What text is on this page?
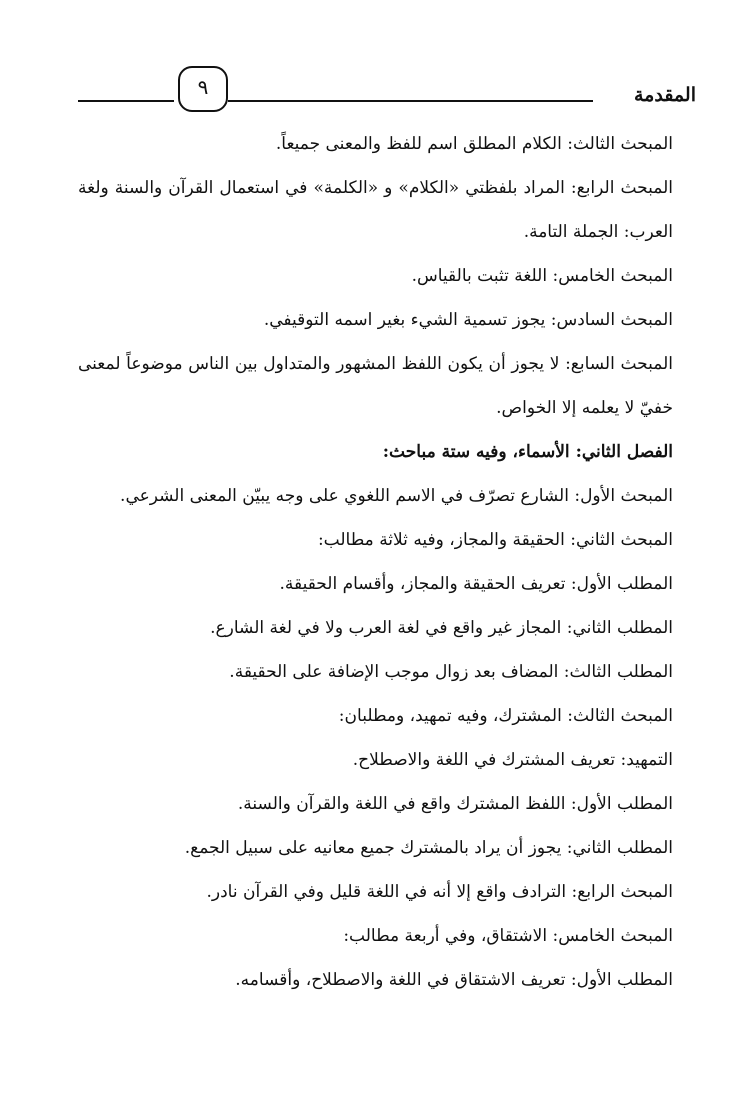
٩	المقدمة

المبحث الثالث: الكلام المطلق اسم للفظ والمعنى جميعاً.

المبحث الرابع: المراد بلفظتي «الكلام» و «الكلمة» في استعمال القرآن والسنة ولغة العرب: الجملة التامة.

المبحث الخامس: اللغة تثبت بالقياس.

المبحث السادس: يجوز تسمية الشيء بغير اسمه التوقيفي.

المبحث السابع: لا يجوز أن يكون اللفظ المشهور والمتداول بين الناس موضوعاً لمعنى خفيّ لا يعلمه إلا الخواص.

الفصل الثاني: الأسماء، وفيه ستة مباحث:

المبحث الأول: الشارع تصرّف في الاسم اللغوي على وجه يبيّن المعنى الشرعي.

المبحث الثاني: الحقيقة والمجاز، وفيه ثلاثة مطالب:

المطلب الأول: تعريف الحقيقة والمجاز، وأقسام الحقيقة.

المطلب الثاني: المجاز غير واقع في لغة العرب ولا في لغة الشارع.

المطلب الثالث: المضاف بعد زوال موجب الإضافة على الحقيقة.

المبحث الثالث: المشترك، وفيه تمهيد، ومطلبان:

التمهيد: تعريف المشترك في اللغة والاصطلاح.

المطلب الأول: اللفظ المشترك واقع في اللغة والقرآن والسنة.

المطلب الثاني: يجوز أن يراد بالمشترك جميع معانيه على سبيل الجمع.

المبحث الرابع: الترادف واقع إلا أنه في اللغة قليل وفي القرآن نادر.

المبحث الخامس: الاشتقاق، وفي أربعة مطالب:

المطلب الأول: تعريف الاشتقاق في اللغة والاصطلاح، وأقسامه.
